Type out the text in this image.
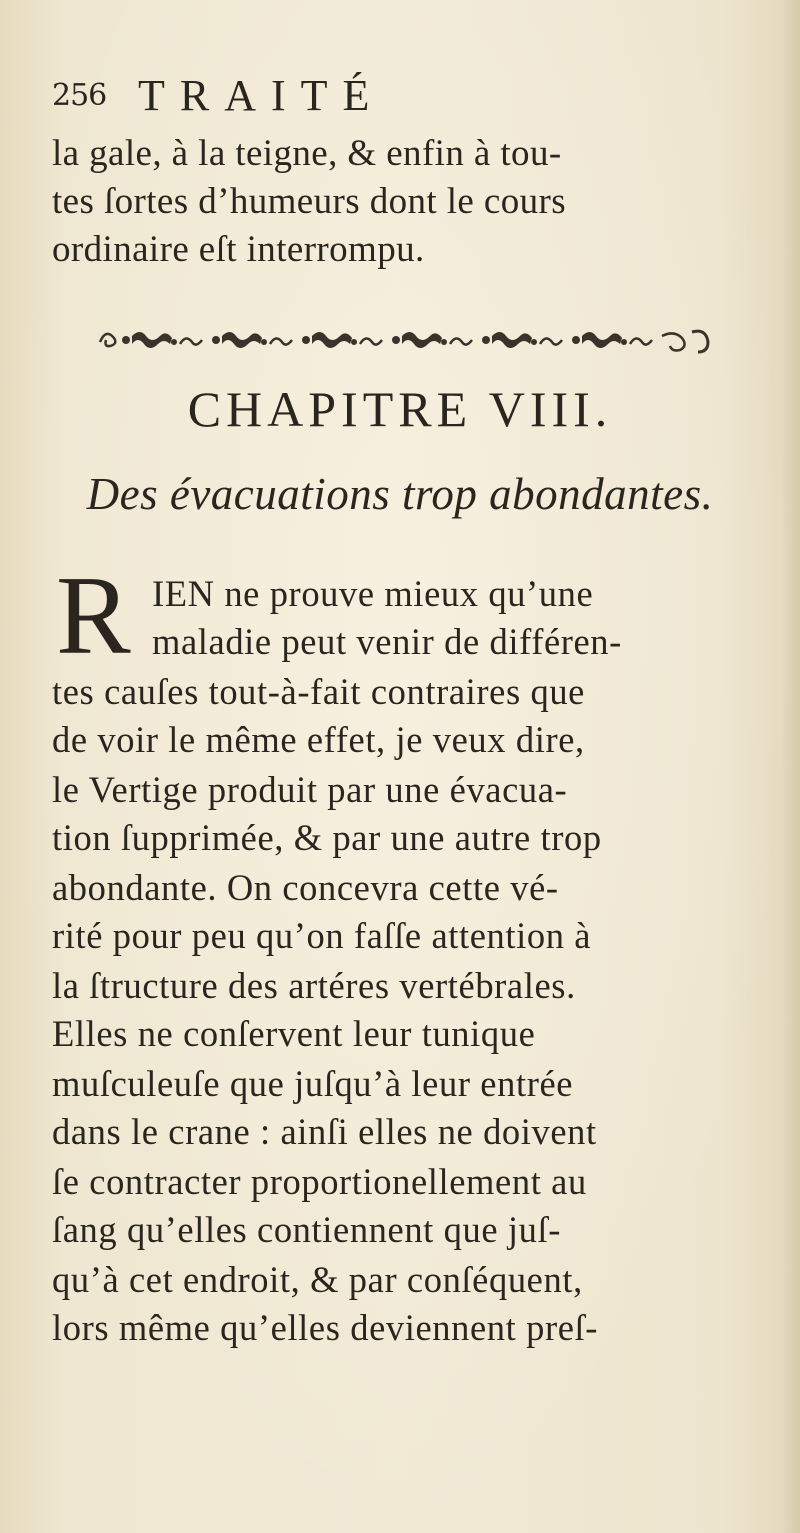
256 TRAITÉ
la gale, à la teigne, & enfin à tou-
tes ſortes d’humeurs dont le cours
ordinaire eſt interrompu.
CHAPITRE VIII.
Des évacuations trop abondantes.
R IEN ne prouve mieux qu’une
maladie peut venir de différen-
tes cauſes tout-à-fait contraires que
de voir le même effet, je veux dire,
le Vertige produit par une évacua-
tion ſupprimée, & par une autre trop
abondante. On concevra cette vé-
rité pour peu qu’on faſſe attention à
la ſtructure des artéres vertébrales.
Elles ne conſervent leur tunique
muſculeuſe que juſqu’à leur entrée
dans le crane : ainſi elles ne doivent
ſe contracter proportionellement au
ſang qu’elles contiennent que juſ-
qu’à cet endroit, & par conſéquent,
lors même qu’elles deviennent preſ-
